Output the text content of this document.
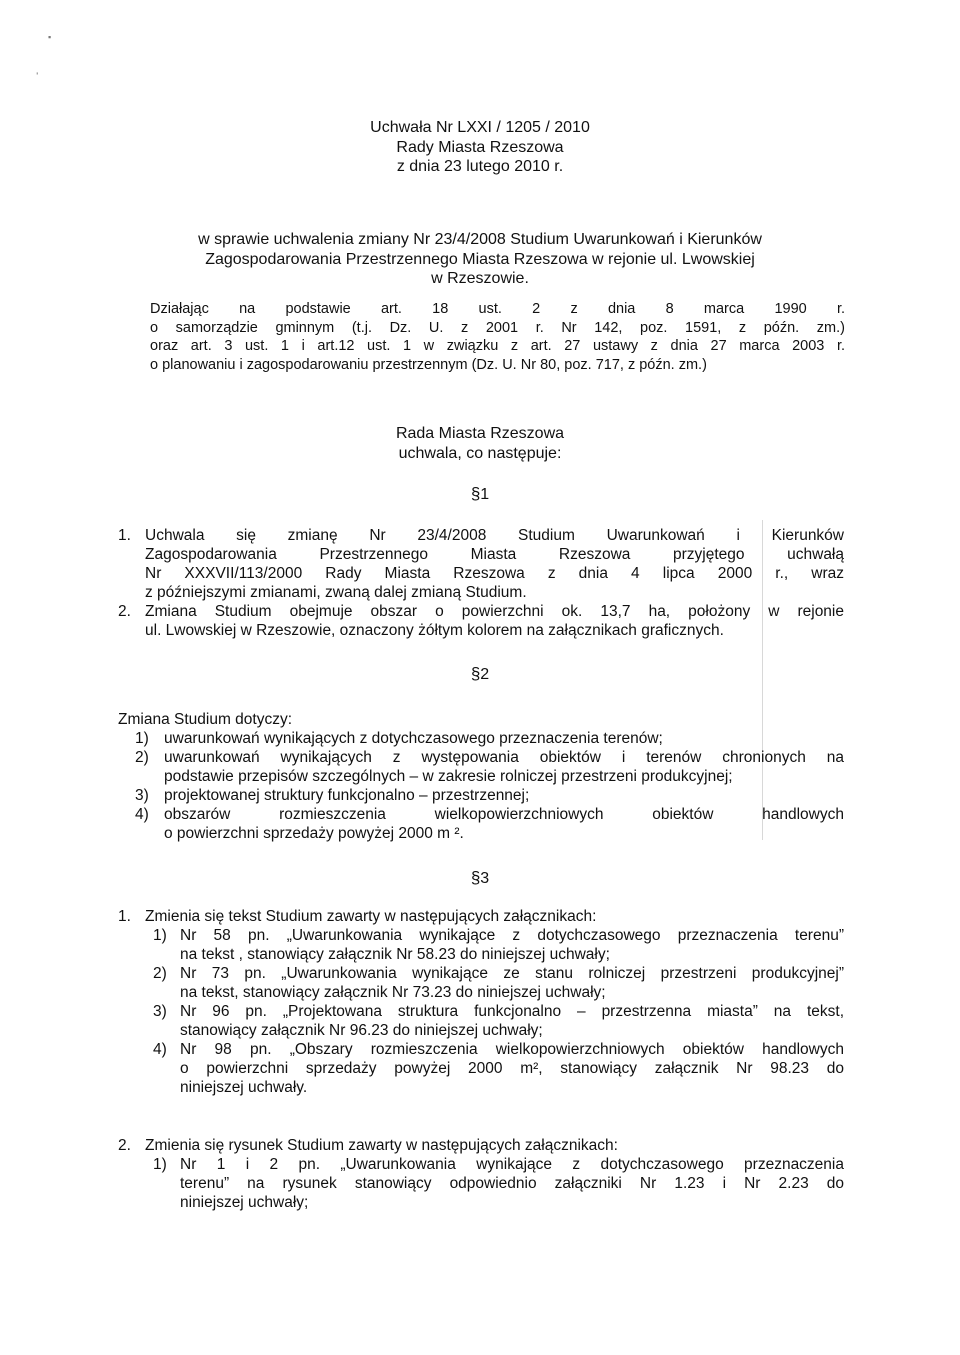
▪
ˈ
Uchwała Nr LXXI / 1205 / 2010
Rady Miasta Rzeszowa
z dnia 23 lutego 2010 r.
w sprawie uchwalenia zmiany Nr 23/4/2008 Studium Uwarunkowań i Kierunków
Zagospodarowania Przestrzennego Miasta Rzeszowa w rejonie ul. Lwowskiej
w Rzeszowie.
Działając na podstawie art. 18 ust. 2 z dnia 8 marca 1990 r.
o samorządzie gminnym (t.j. Dz. U. z 2001 r. Nr 142, poz. 1591, z późn. zm.)
oraz art. 3 ust. 1 i art.12 ust. 1 w związku z art. 27 ustawy z dnia 27 marca 2003 r.
o planowaniu i zagospodarowaniu przestrzennym (Dz. U. Nr 80, poz. 717, z późn. zm.)
Rada Miasta Rzeszowa
uchwala, co następuje:
§1
1. Uchwala się zmianę Nr 23/4/2008 Studium Uwarunkowań i Kierunków
Zagospodarowania Przestrzennego Miasta Rzeszowa przyjętego uchwałą
Nr XXXVII/113/2000 Rady Miasta Rzeszowa z dnia 4 lipca 2000 r., wraz
z późniejszymi zmianami, zwaną dalej zmianą Studium.
2. Zmiana Studium obejmuje obszar o powierzchni ok. 13,7 ha, położony w rejonie
ul. Lwowskiej w Rzeszowie, oznaczony żółtym kolorem na załącznikach graficznych.
§2
Zmiana Studium dotyczy:
1) uwarunkowań wynikających z dotychczasowego przeznaczenia terenów;
2) uwarunkowań wynikających z występowania obiektów i terenów chronionych na
podstawie przepisów szczególnych – w zakresie rolniczej przestrzeni produkcyjnej;
3) projektowanej struktury funkcjonalno – przestrzennej;
4) obszarów rozmieszczenia wielkopowierzchniowych obiektów handlowych
o powierzchni sprzedaży powyżej 2000 m ².
§3
1. Zmienia się tekst Studium zawarty w następujących załącznikach:
1) Nr 58 pn. „Uwarunkowania wynikające z dotychczasowego przeznaczenia terenu”
na tekst , stanowiący załącznik Nr 58.23 do niniejszej uchwały;
2) Nr 73 pn. „Uwarunkowania wynikające ze stanu rolniczej przestrzeni produkcyjnej”
na tekst, stanowiący załącznik Nr 73.23 do niniejszej uchwały;
3) Nr 96 pn. „Projektowana struktura funkcjonalno – przestrzenna miasta” na tekst,
stanowiący załącznik Nr 96.23 do niniejszej uchwały;
4) Nr 98 pn. „Obszary rozmieszczenia wielkopowierzchniowych obiektów handlowych
o powierzchni sprzedaży powyżej 2000 m², stanowiący załącznik Nr 98.23 do
niniejszej uchwały.
2. Zmienia się rysunek Studium zawarty w następujących załącznikach:
1) Nr 1 i 2 pn. „Uwarunkowania wynikające z dotychczasowego przeznaczenia
terenu” na rysunek stanowiący odpowiednio załączniki Nr 1.23 i Nr 2.23 do
niniejszej uchwały;
